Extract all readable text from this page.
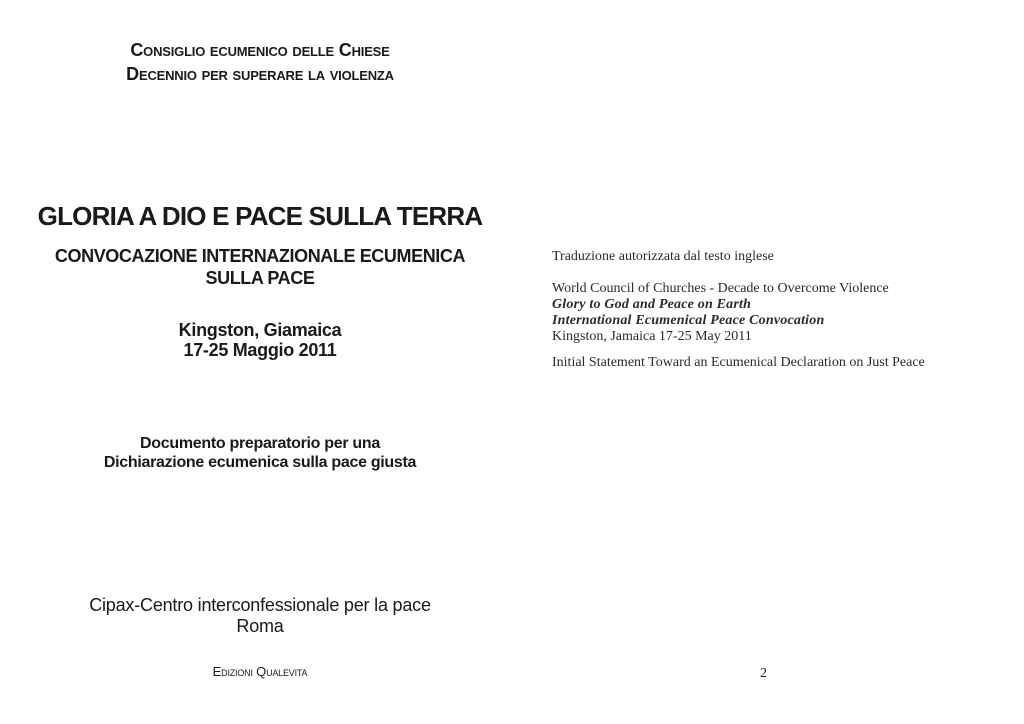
Consiglio ecumenico delle Chiese
Decennio per superare la violenza
GLORIA A DIO E PACE SULLA TERRA
CONVOCAZIONE INTERNAZIONALE ECUMENICA
SULLA PACE
Kingston, Giamaica
17-25 Maggio 2011
Documento preparatorio per una
Dichiarazione ecumenica sulla pace giusta
Cipax-Centro interconfessionale per la pace
Roma
Edizioni Qualevita
Traduzione autorizzata dal testo inglese
World Council of Churches - Decade to Overcome Violence
Glory to God and Peace on Earth
International Ecumenical Peace Convocation
Kingston, Jamaica 17-25 May 2011
Initial Statement Toward an Ecumenical Declaration on Just Peace
2
